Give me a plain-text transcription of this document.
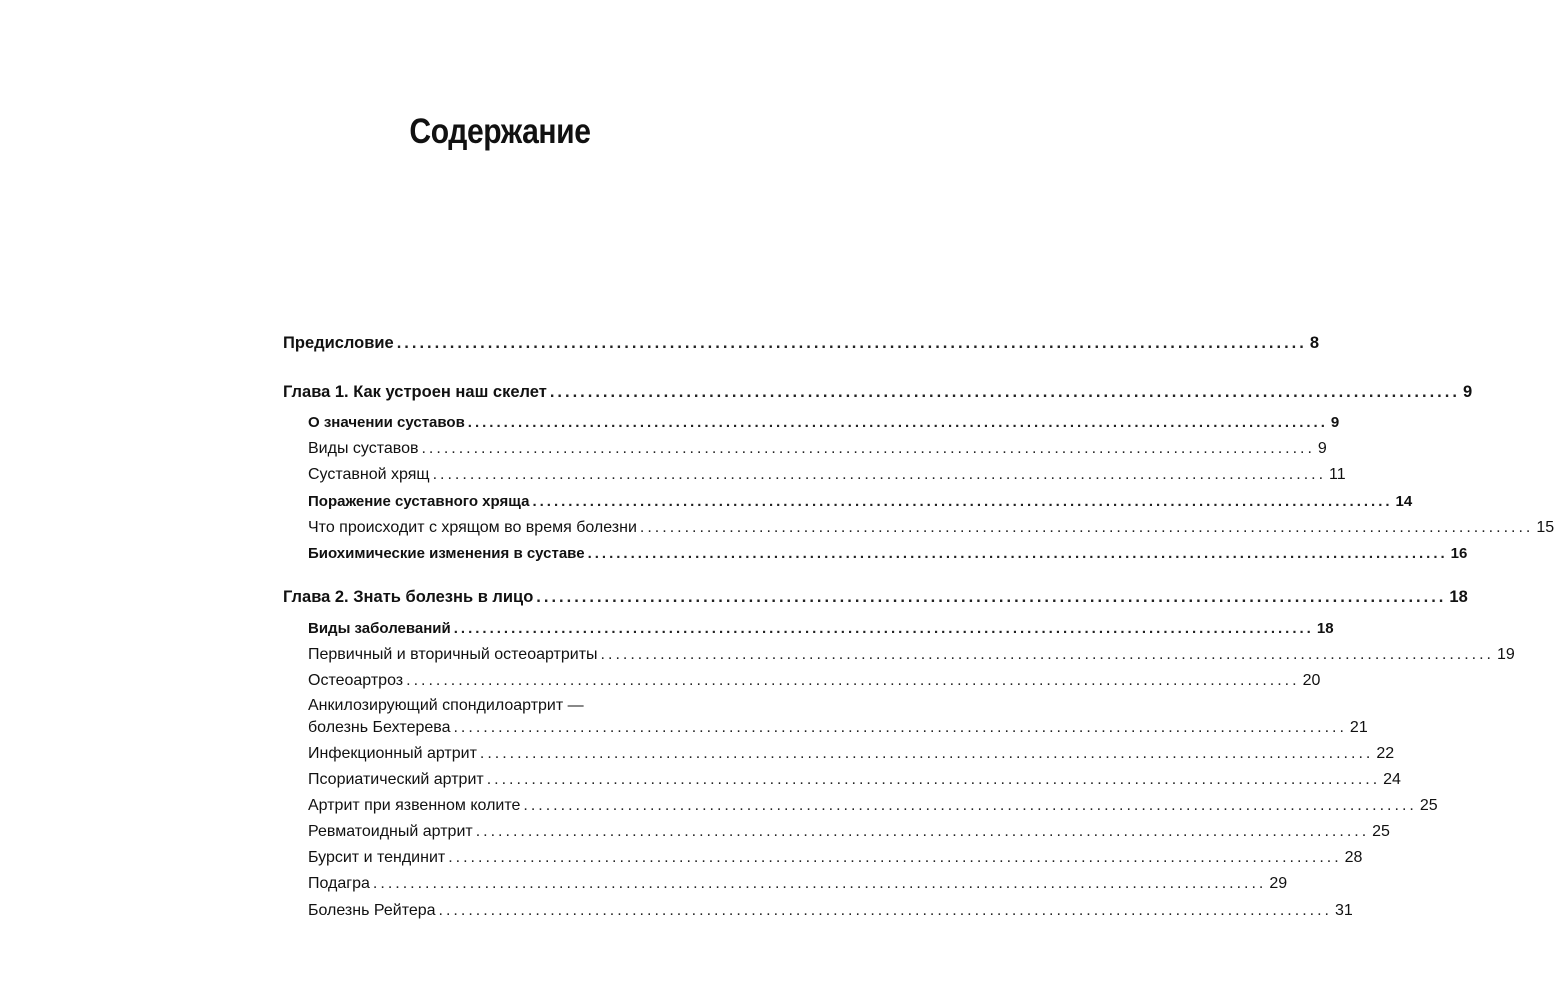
Содержание
Предисловие ........................................................................................................................ 8
Глава 1. Как устроен наш скелет ........................................................................................................................ 9
О значении суставов ........................................................................................................................ 9
Виды суставов ........................................................................................................................ 9
Суставной хрящ ........................................................................................................................ 11
Поражение суставного хряща ........................................................................................................................ 14
Что происходит с хрящом во время болезни ........................................................................................................................ 15
Биохимические изменения в суставе ........................................................................................................................ 16
Глава 2. Знать болезнь в лицо ........................................................................................................................ 18
Виды заболеваний ........................................................................................................................ 18
Первичный и вторичный остеоартриты ........................................................................................................................ 19
Остеоартроз ........................................................................................................................ 20
Анкилозирующий спондилоартрит —
болезнь Бехтерева ........................................................................................................................ 21
Инфекционный артрит ........................................................................................................................ 22
Псориатический артрит ........................................................................................................................ 24
Артрит при язвенном колите ........................................................................................................................ 25
Ревматоидный артрит ........................................................................................................................ 25
Бурсит и тендинит ........................................................................................................................ 28
Подагра ........................................................................................................................ 29
Болезнь Рейтера ........................................................................................................................ 31
